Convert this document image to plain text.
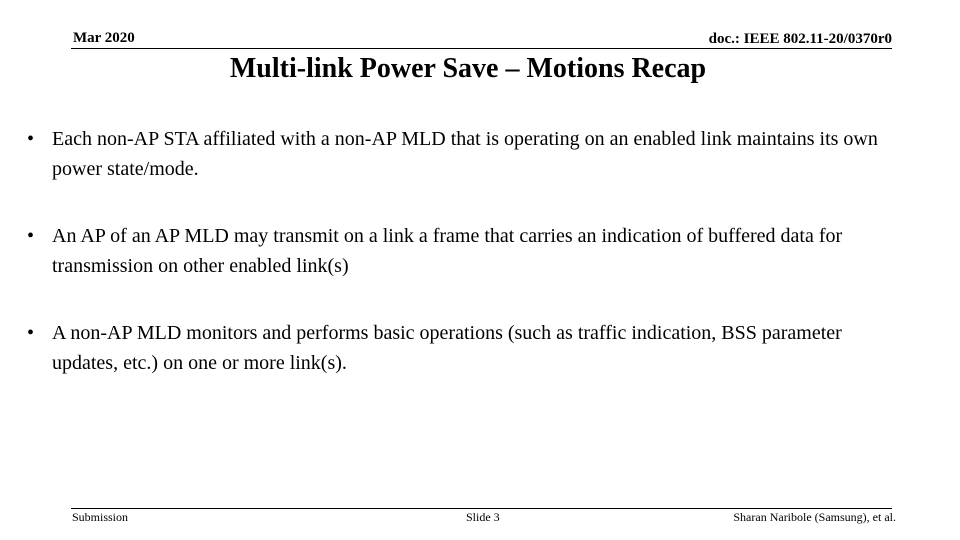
Mar 2020	doc.: IEEE 802.11-20/0370r0
Multi-link Power Save – Motions Recap
• Each non-AP STA affiliated with a non-AP MLD that is operating on an enabled link maintains its own power state/mode.
• An AP of an AP MLD may transmit on a link a frame that carries an indication of buffered data for transmission on other enabled link(s)
• A non-AP MLD monitors and performs basic operations (such as traffic indication, BSS parameter updates, etc.) on one or more link(s).
Submission	Slide 3	Sharan Naribole (Samsung), et al.
